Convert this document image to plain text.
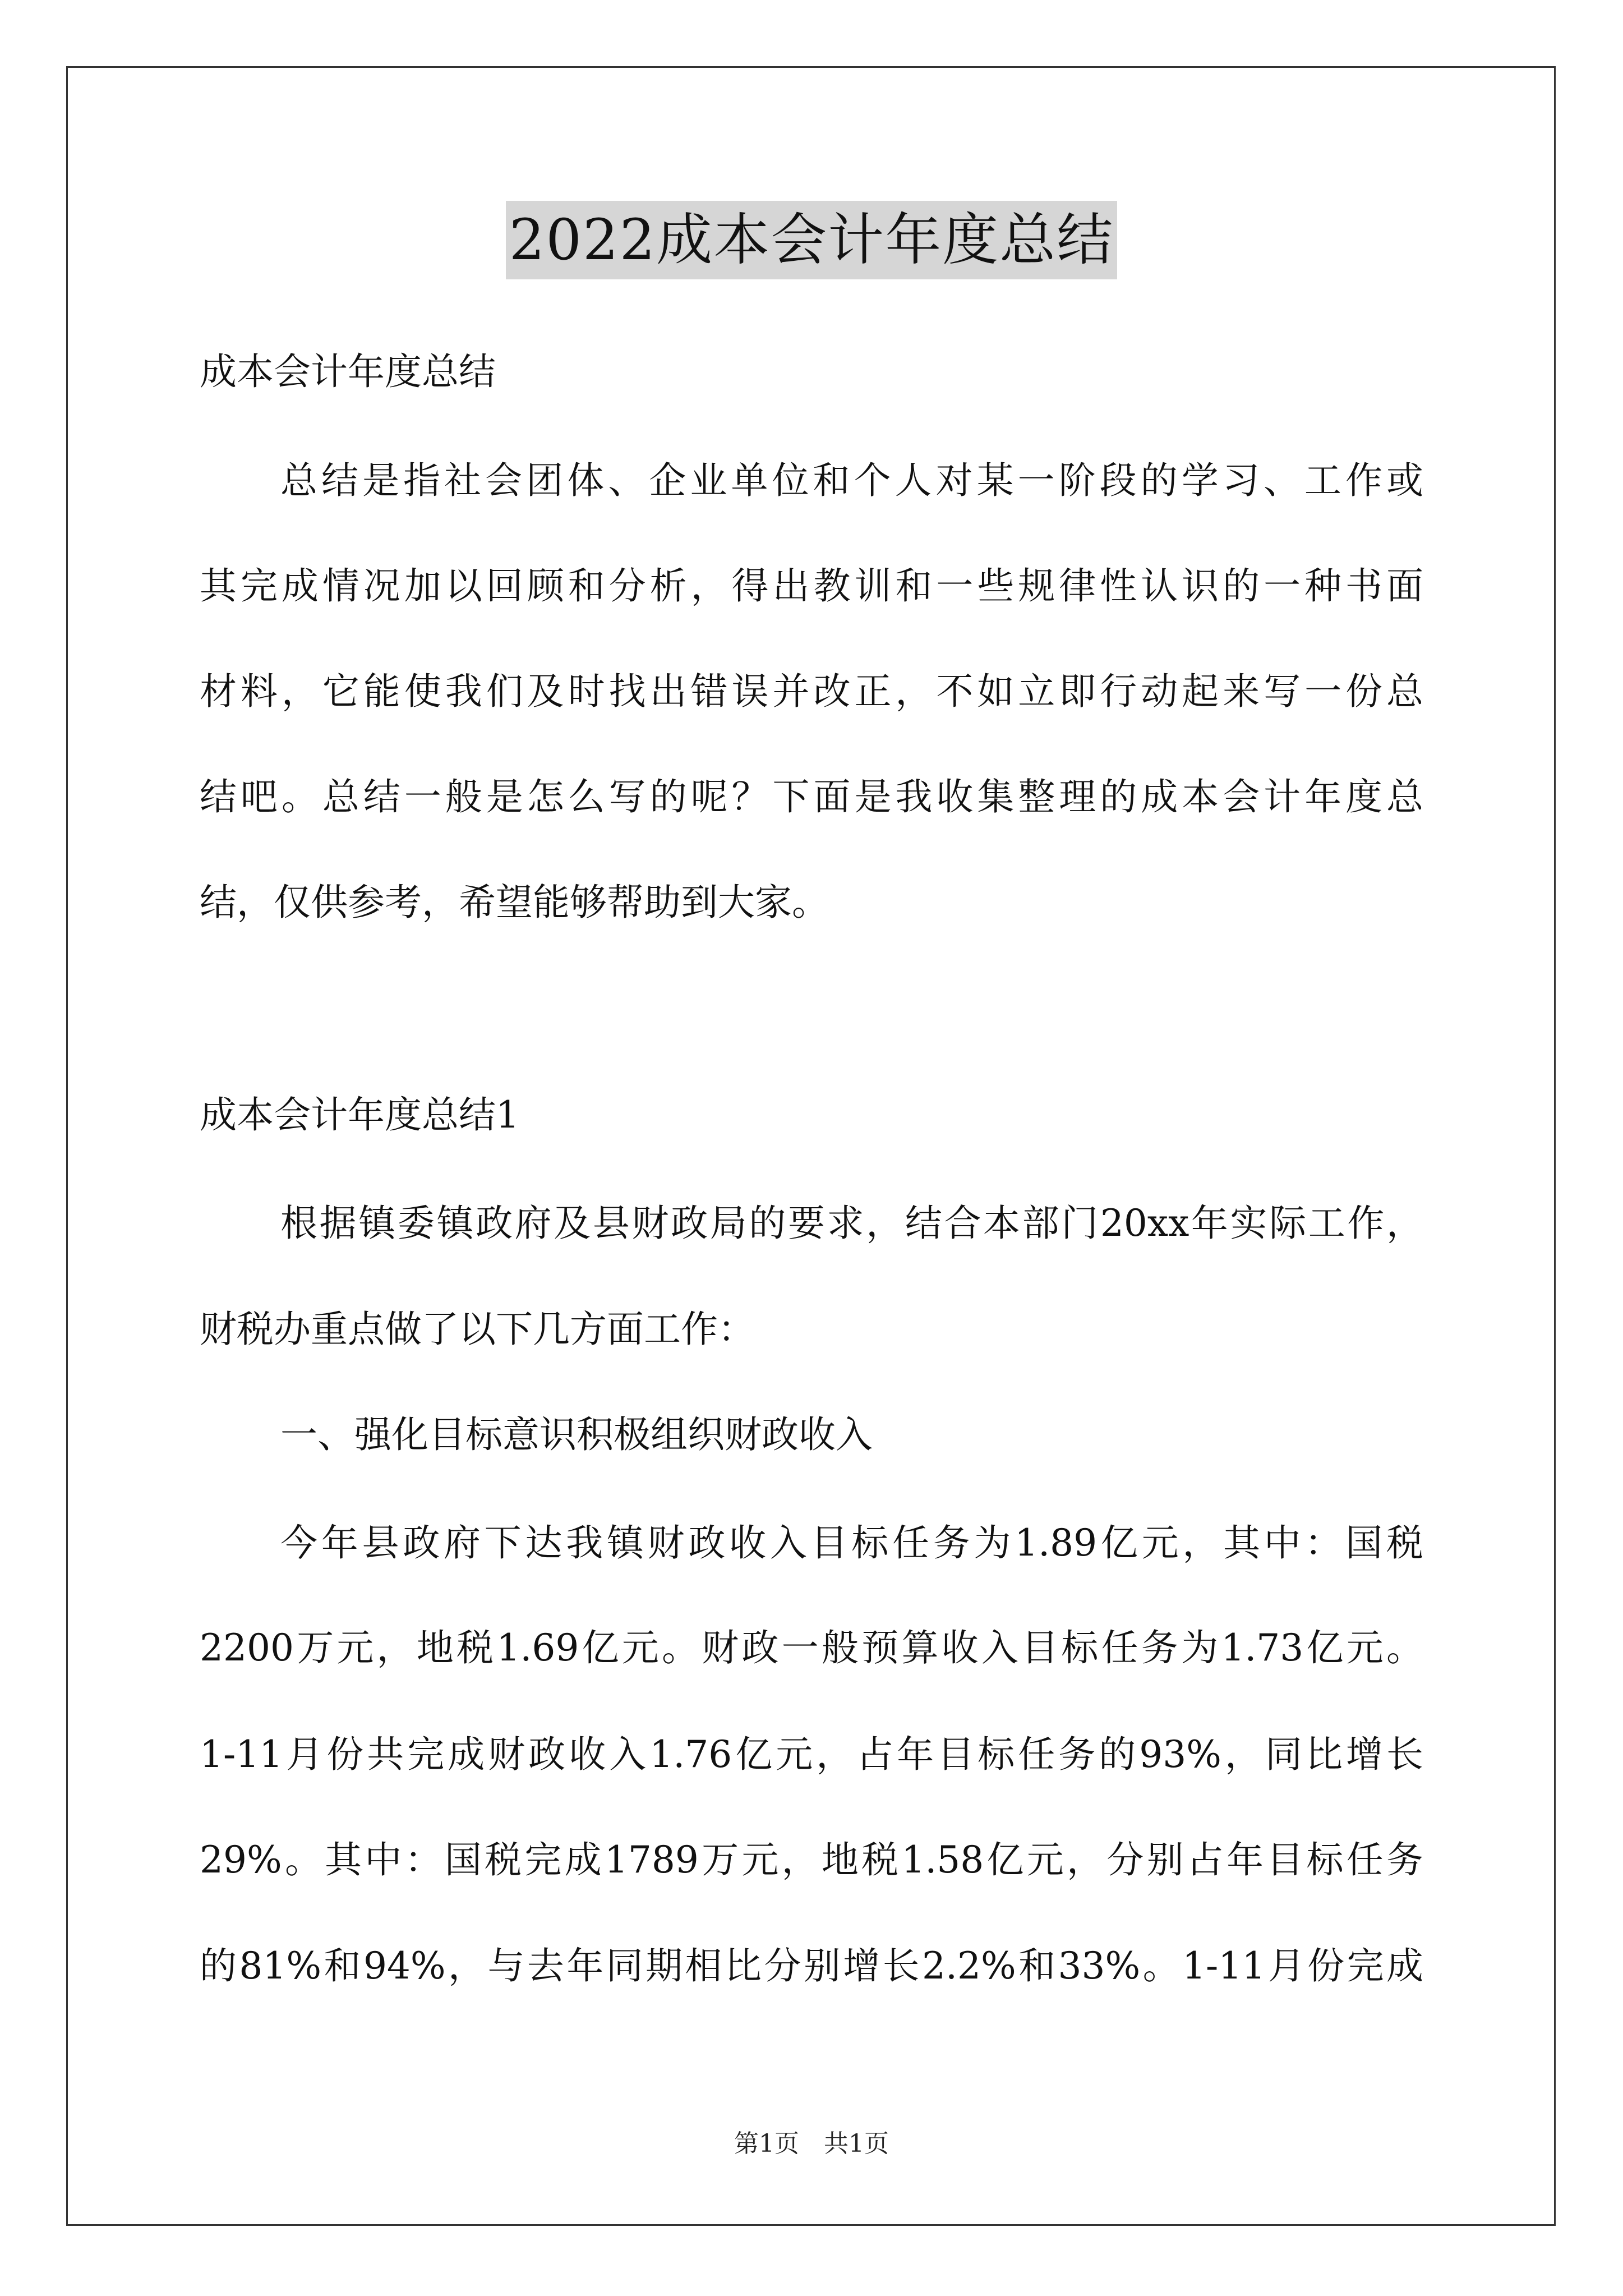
2022成本会计年度总结
成本会计年度总结
总结是指社会团体、企业单位和个人对某一阶段的学习、工作或
其完成情况加以回顾和分析，得出教训和一些规律性认识的一种书面
材料，它能使我们及时找出错误并改正，不如立即行动起来写一份总
结吧。总结一般是怎么写的呢？下面是我收集整理的成本会计年度总
结，仅供参考，希望能够帮助到大家。
成本会计年度总结1
根据镇委镇政府及县财政局的要求，结合本部门20xx年实际工作，
财税办重点做了以下几方面工作：
一、强化目标意识积极组织财政收入
今年县政府下达我镇财政收入目标任务为1.89亿元，其中：国税
2200万元，地税1.69亿元。财政一般预算收入目标任务为1.73亿元。
1-11月份共完成财政收入1.76亿元，占年目标任务的93%，同比增长
29%。其中：国税完成1789万元，地税1.58亿元，分别占年目标任务
的81%和94%，与去年同期相比分别增长2.2%和33%。1-11月份完成
第1页　共1页
